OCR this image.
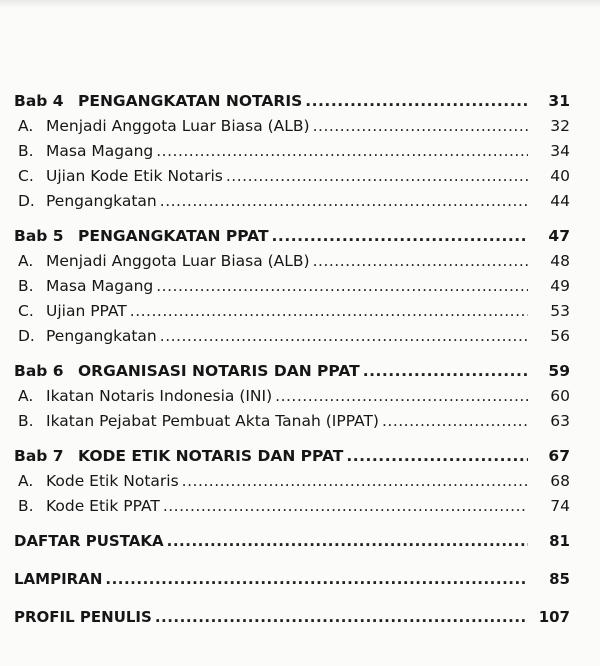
Bab 4 PENGANGKATAN NOTARIS .....	31
A. Menjadi Anggota Luar Biasa (ALB) .....	32
B. Masa Magang .....	34
C. Ujian Kode Etik Notaris .....	40
D. Pengangkatan .....	44
Bab 5 PENGANGKATAN PPAT .....	47
A. Menjadi Anggota Luar Biasa (ALB) .....	48
B. Masa Magang .....	49
C. Ujian PPAT .....	53
D. Pengangkatan .....	56
Bab 6 ORGANISASI NOTARIS DAN PPAT .....	59
A. Ikatan Notaris Indonesia (INI) .....	60
B. Ikatan Pejabat Pembuat Akta Tanah (IPPAT) .....	63
Bab 7 KODE ETIK NOTARIS DAN PPAT .....	67
A. Kode Etik Notaris .....	68
B. Kode Etik PPAT .....	74
DAFTAR PUSTAKA .....	81
LAMPIRAN .....	85
PROFIL PENULIS .....	107
